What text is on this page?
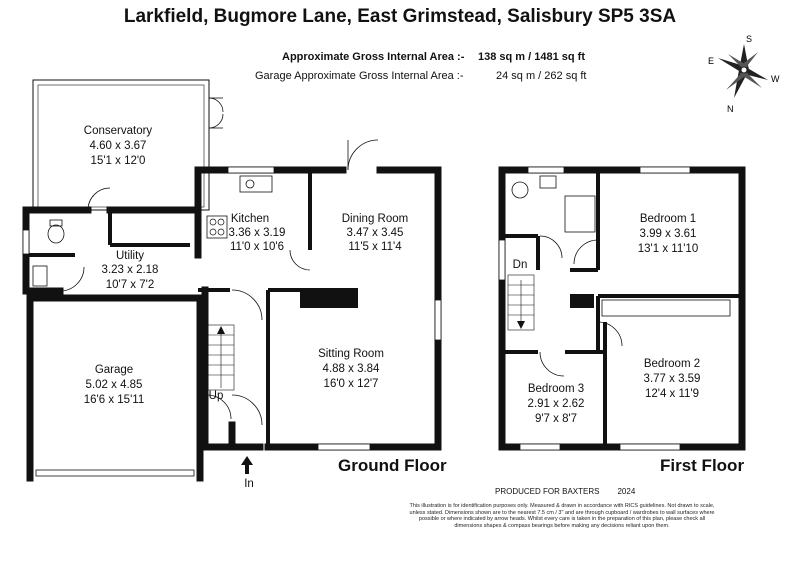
Larkfield, Bugmore Lane, East Grimstead, Salisbury SP5 3SA
Approximate Gross Internal Area :- 138 sq m / 1481 sq ft
Garage Approximate Gross Internal Area :-	24 sq m / 262 sq ft
S
E
W
N
Conservatory
4.60 x 3.67
15'1 x 12'0
Kitchen
3.36 x 3.19
11'0 x 10'6
Dining Room
3.47 x 3.45
11'5 x 11'4
Utility
3.23 x 2.18
10'7 x 7'2
Garage
5.02 x 4.85
16'6 x 15'11
Sitting Room
4.88 x 3.84
16'0 x 12'7
Up
In
Ground Floor
Bedroom 1
3.99 x 3.61
13'1 x 11'10
Bedroom 2
3.77 x 3.59
12'4 x 11'9
Bedroom 3
2.91 x 2.62
9'7 x 8'7
Dn
First Floor
PRODUCED FOR BAXTERS 2024
This illustration is for identification purposes only. Measured & drawn in accordance with RICS guidelines. Not drawn to scale, unless stated. Dimensions shown are to the nearest 7.5 cm / 3" and are through cupboard / wardrobes to wall surfaces where possible or where indicated by arrow heads. Whilst every care is taken in the preparation of this plan, please check all dimensions shapes & compass bearings before making any decisions reliant upon them.
